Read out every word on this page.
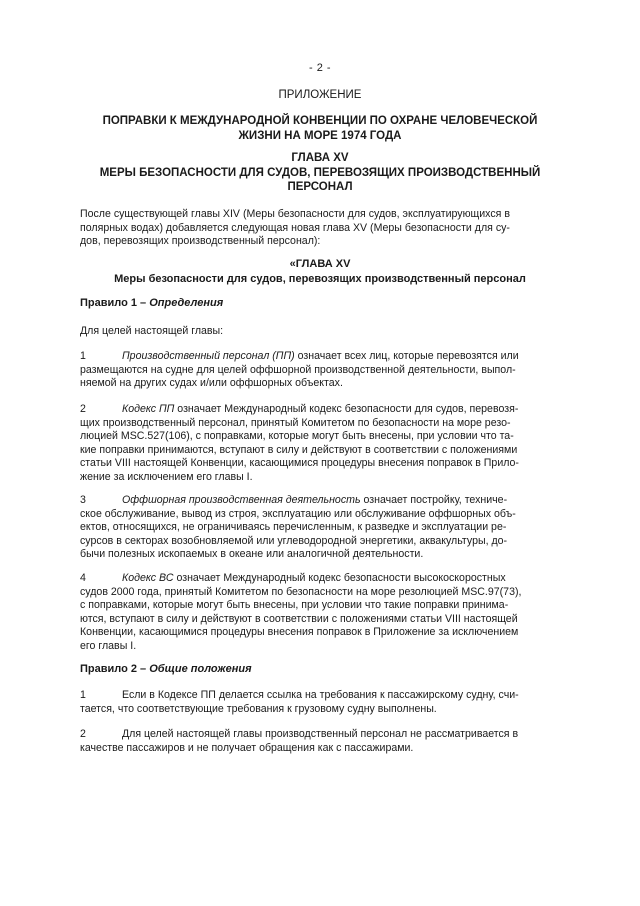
- 2 -
ПРИЛОЖЕНИЕ
ПОПРАВКИ К МЕЖДУНАРОДНОЙ КОНВЕНЦИИ ПО ОХРАНЕ ЧЕЛОВЕЧЕСКОЙ
ЖИЗНИ НА МОРЕ 1974 ГОДА
ГЛАВА XV
МЕРЫ БЕЗОПАСНОСТИ ДЛЯ СУДОВ, ПЕРЕВОЗЯЩИХ ПРОИЗВОДСТВЕННЫЙ
ПЕРСОНАЛ
После существующей главы XIV (Меры безопасности для судов, эксплуатирующихся в
полярных водах) добавляется следующая новая глава XV (Меры безопасности для су-
дов, перевозящих производственный персонал):
«ГЛАВА XV
Меры безопасности для судов, перевозящих производственный персонал
Правило 1 – Определения
Для целей настоящей главы:
1	Производственный персонал (ПП) означает всех лиц, которые перевозятся или
размещаются на судне для целей оффшорной производственной деятельности, выпол-
няемой на других судах и/или оффшорных объектах.
2	Кодекс ПП означает Международный кодекс безопасности для судов, перевозя-
щих производственный персонал, принятый Комитетом по безопасности на море резо-
люцией MSC.527(106), с поправками, которые могут быть внесены, при условии что та-
кие поправки принимаются, вступают в силу и действуют в соответствии с положениями
статьи VIII настоящей Конвенции, касающимися процедуры внесения поправок в Прило-
жение за исключением его главы I.
3	Оффшорная производственная деятельность означает постройку, техниче-
ское обслуживание, вывод из строя, эксплуатацию или обслуживание оффшорных объ-
ектов, относящихся, не ограничиваясь перечисленным, к разведке и эксплуатации ре-
сурсов в секторах возобновляемой или углеводородной энергетики, аквакультуры, до-
бычи полезных ископаемых в океане или аналогичной деятельности.
4	Кодекс ВС означает Международный кодекс безопасности высокоскоростных
судов 2000 года, принятый Комитетом по безопасности на море резолюцией MSC.97(73),
с поправками, которые могут быть внесены, при условии что такие поправки принима-
ются, вступают в силу и действуют в соответствии с положениями статьи VIII настоящей
Конвенции, касающимися процедуры внесения поправок в Приложение за исключением
его главы I.
Правило 2 – Общие положения
1	Если в Кодексе ПП делается ссылка на требования к пассажирскому судну, счи-
тается, что соответствующие требования к грузовому судну выполнены.
2	Для целей настоящей главы производственный персонал не рассматривается в
качестве пассажиров и не получает обращения как с пассажирами.
